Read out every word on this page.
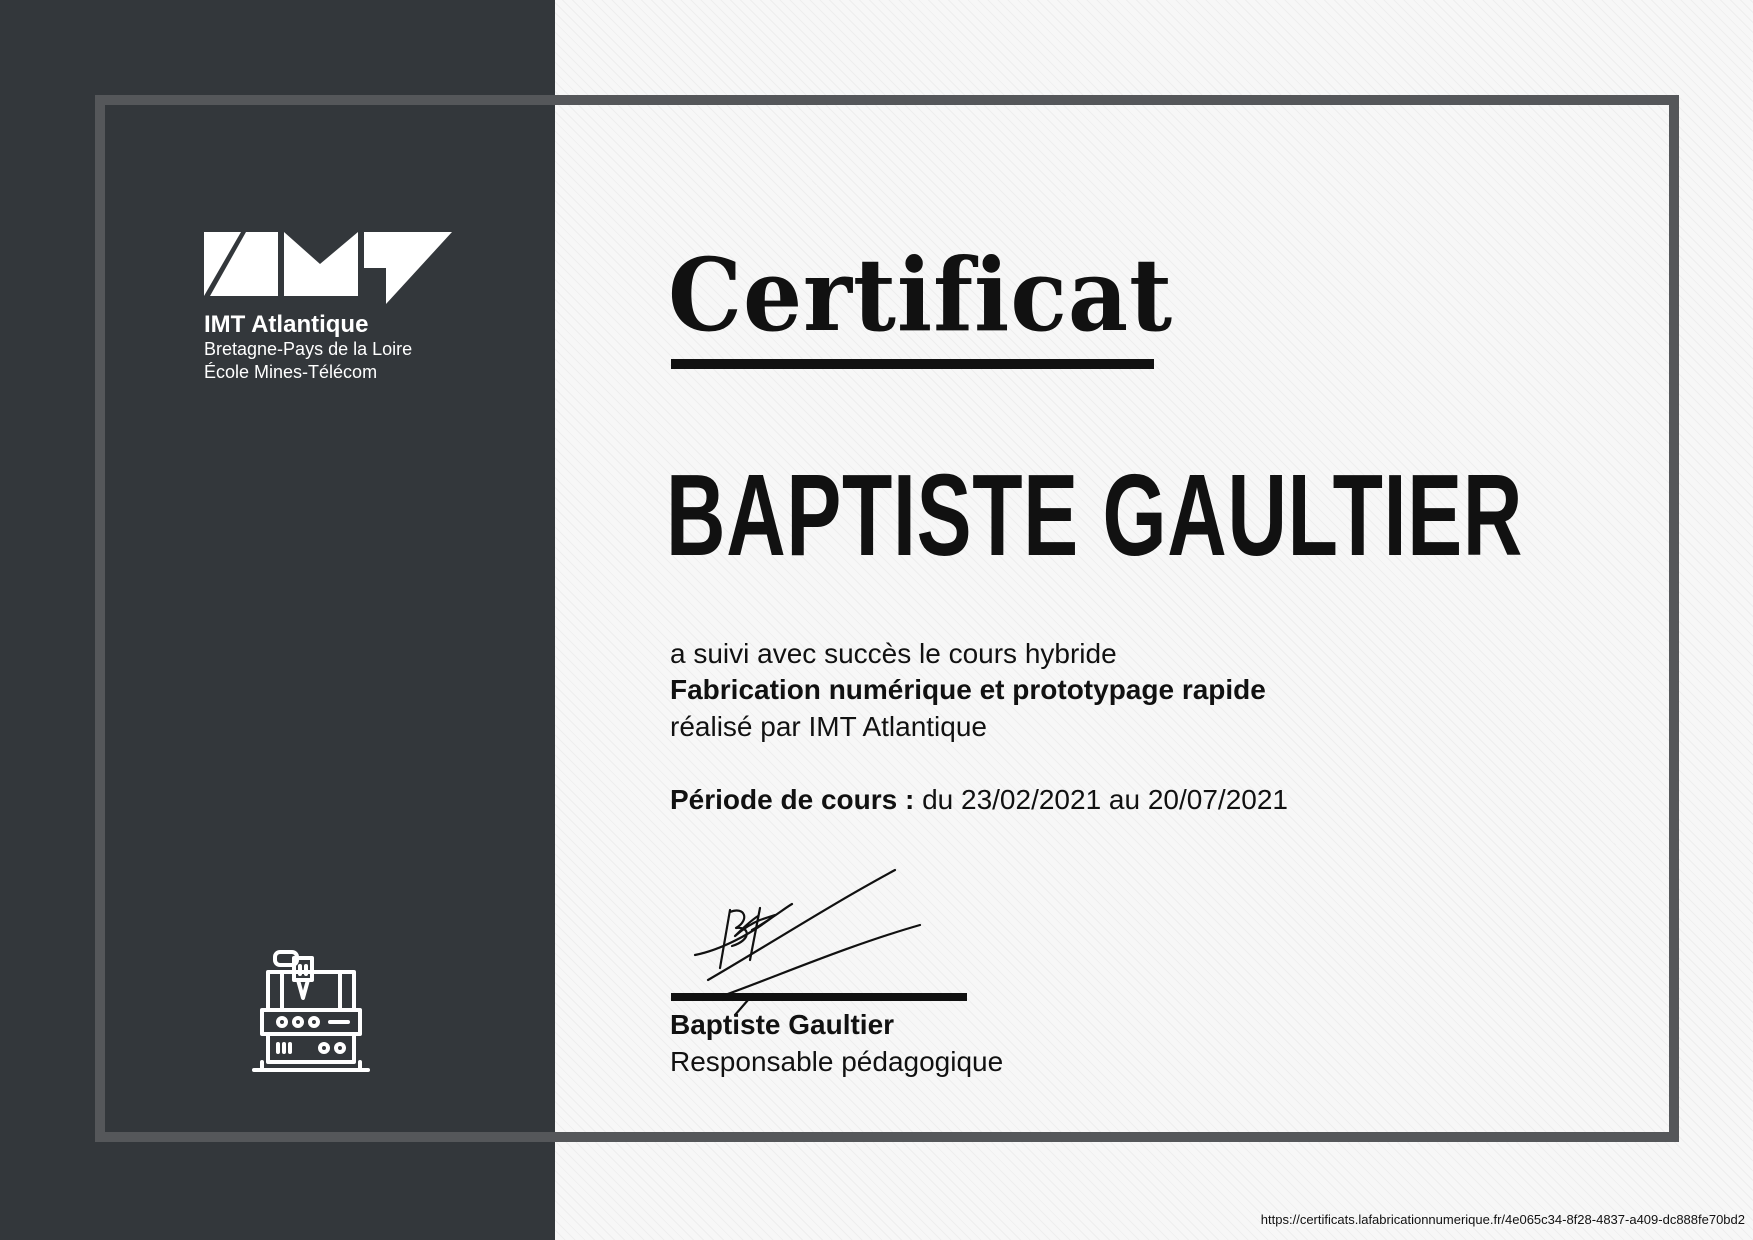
IMT Atlantique
Bretagne-Pays de la Loire
École Mines-Télécom
Certificat
BAPTISTE GAULTIER
a suivi avec succès le cours hybride
Fabrication numérique et prototypage rapide
réalisé par IMT Atlantique
Période de cours : du 23/02/2021 au 20/07/2021
Baptiste Gaultier
Responsable pédagogique
https://certificats.lafabricationnumerique.fr/4e065c34-8f28-4837-a409-dc888fe70bd2
